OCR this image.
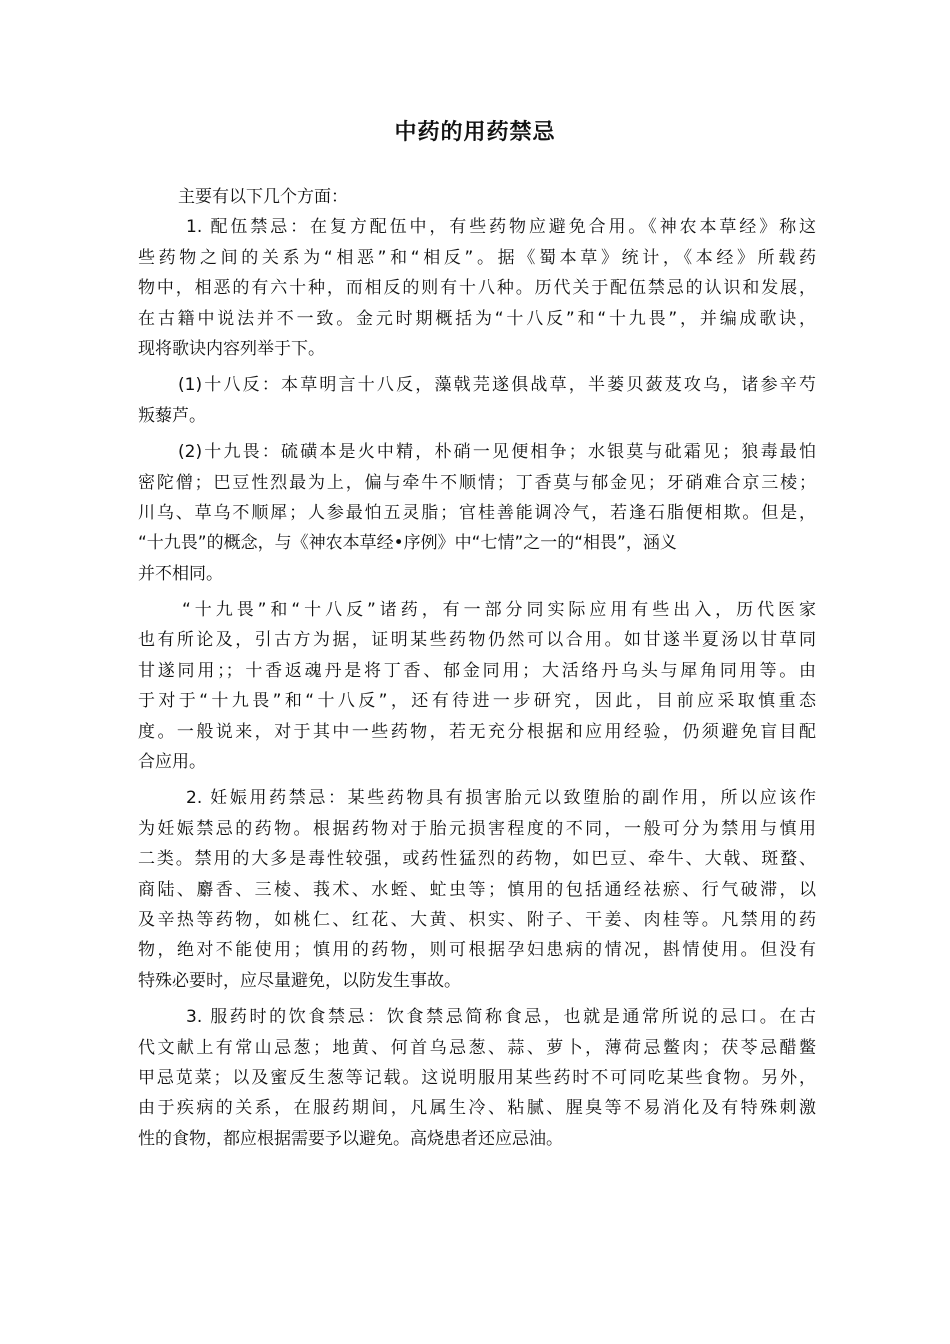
中药的用药禁忌
主要有以下几个方面：
1. 配伍禁忌：在复方配伍中，有些药物应避免合用。《神农本草经》称这
些药物之间的关系为“相恶”和“相反”。据《蜀本草》统计，《本经》所载药
物中，相恶的有六十种，而相反的则有十八种。历代关于配伍禁忌的认识和发展，
在古籍中说法并不一致。金元时期概括为“十八反”和“十九畏”，并编成歌诀，
现将歌诀内容列举于下。
(1)十八反：本草明言十八反，藻戟芫遂俱战草，半蒌贝蔹芨攻乌，诸参辛芍
叛藜芦。
(2)十九畏：硫磺本是火中精，朴硝一见便相争；水银莫与砒霜见；狼毒最怕
密陀僧；巴豆性烈最为上，偏与牵牛不顺情；丁香莫与郁金见；牙硝难合京三棱；
川乌、草乌不顺犀；人参最怕五灵脂；官桂善能调冷气，若逢石脂便相欺。但是，
“十九畏”的概念，与《神农本草经•序例》中“七情”之一的“相畏”，涵义
并不相同。
“十九畏”和“十八反”诸药，有一部分同实际应用有些出入，历代医家
也有所论及，引古方为据，证明某些药物仍然可以合用。如甘遂半夏汤以甘草同
甘遂同用；；十香返魂丹是将丁香、郁金同用；大活络丹乌头与犀角同用等。由
于对于“十九畏”和“十八反”，还有待进一步研究，因此，目前应采取慎重态
度。一般说来，对于其中一些药物，若无充分根据和应用经验，仍须避免盲目配
合应用。
2. 妊娠用药禁忌：某些药物具有损害胎元以致堕胎的副作用，所以应该作
为妊娠禁忌的药物。根据药物对于胎元损害程度的不同，一般可分为禁用与慎用
二类。禁用的大多是毒性较强，或药性猛烈的药物，如巴豆、牵牛、大戟、斑蝥、
商陆、麝香、三棱、莪术、水蛭、虻虫等；慎用的包括通经祛瘀、行气破滞，以
及辛热等药物，如桃仁、红花、大黄、枳实、附子、干姜、肉桂等。凡禁用的药
物，绝对不能使用；慎用的药物，则可根据孕妇患病的情况，斟情使用。但没有
特殊必要时，应尽量避免，以防发生事故。
3. 服药时的饮食禁忌：饮食禁忌简称食忌，也就是通常所说的忌口。在古
代文献上有常山忌葱；地黄、何首乌忌葱、蒜、萝卜，薄荷忌鳖肉；茯苓忌醋鳖
甲忌苋菜；以及蜜反生葱等记载。这说明服用某些药时不可同吃某些食物。另外，
由于疾病的关系，在服药期间，凡属生冷、粘腻、腥臭等不易消化及有特殊刺激
性的食物，都应根据需要予以避免。高烧患者还应忌油。
